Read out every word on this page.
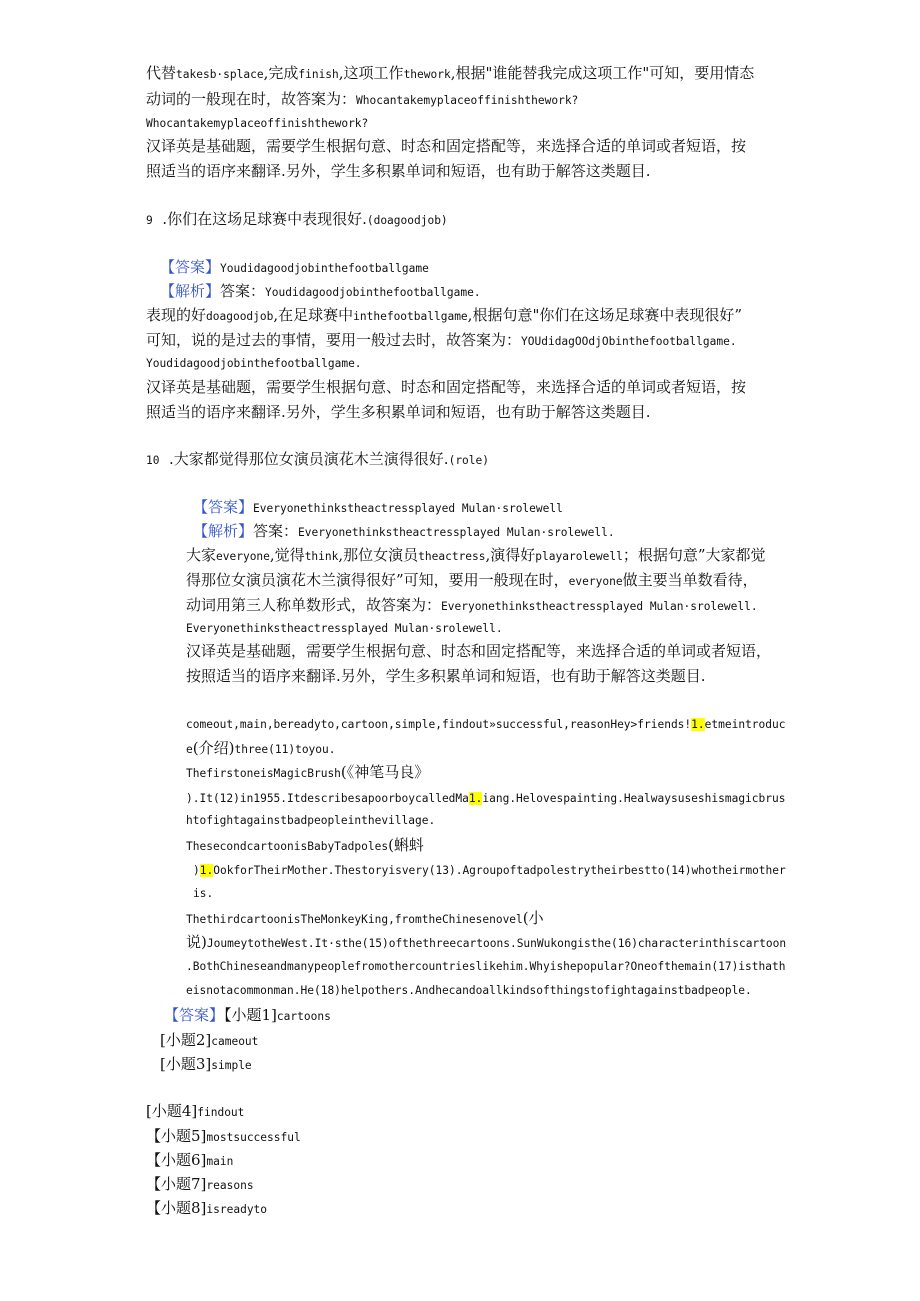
代替takesb·splace,完成finish,这项工作thework,根据"谁能替我完成这项工作"可知，要用情态
动词的一般现在时，故答案为：Whocantakemyplaceoffinishthework?
Whocantakemyplaceoffinishthework?
汉译英是基础题，需要学生根据句意、时态和固定搭配等，来选择合适的单词或者短语，按
照适当的语序来翻译.另外，学生多积累单词和短语，也有助于解答这类题目.
9 .你们在这场足球赛中表现很好.(doagoodjob)
【答案】Youdidagoodjobinthefootballgame
【解析】答案：Youdidagoodjobinthefootballgame.
表现的好doagoodjob,在足球赛中inthefootballgame,根据句意"你们在这场足球赛中表现很好”
可知，说的是过去的事情，要用一般过去时，故答案为：YOUdidagOOdjObinthefootballgame.
Youdidagoodjobinthefootballgame.
汉译英是基础题，需要学生根据句意、时态和固定搭配等，来选择合适的单词或者短语，按
照适当的语序来翻译.另外，学生多积累单词和短语，也有助于解答这类题目.
10 .大家都觉得那位女演员演花木兰演得很好.(role)
【答案】Everyonethinkstheactressplayed Mulan·srolewell
【解析】答案：Everyonethinkstheactressplayed Mulan·srolewell.
大家everyone,觉得think,那位女演员theactress,演得好playarolewell；根据句意”大家都觉
得那位女演员演花木兰演得很好”可知，要用一般现在时，everyone做主要当单数看待，
动词用第三人称单数形式，故答案为：Everyonethinkstheactressplayed Mulan·srolewell.
Everyonethinkstheactressplayed Mulan·srolewell.
汉译英是基础题，需要学生根据句意、时态和固定搭配等，来选择合适的单词或者短语，
按照适当的语序来翻译.另外，学生多积累单词和短语，也有助于解答这类题目.
comeout,main,bereadyto,cartoon,simple,findout»successful,reasonHey>friends!1.etmeintroduc
e(介绍)three(11)toyou.
ThefirstoneisMagicBrush(《神笔马良》
).It(12)in1955.ItdescribesapoorboycalledMa1.iang.Helovespainting.Healwaysuseshismagicbrus
htofightagainstbadpeopleinthevillage.
ThesecondcartoonisBabyTadpoles(蝌蚪
)1.OokforTheirMother.Thestoryisvery(13).Agroupoftadpolestrytheirbestto(14)whotheirmother
is.
ThethirdcartoonisTheMonkeyKing,fromtheChinesenovel(小
说)JoumeytotheWest.It·sthe(15)ofthethreecartoons.SunWukongisthe(16)characterinthiscartoon
.BothChineseandmanypeoplefromothercountrieslikehim.Whyishepopular?Oneofthemain(17)isthath
eisnotacommonman.He(18)helpothers.Andhecandoallkindsofthingstofightagainstbadpeople.
【答案】【小题1]cartoons
[小题2]cameout
[小题3]simple
[小题4]findout
【小题5]mostsuccessful
【小题6]main
【小题7]reasons
【小题8]isreadyto
